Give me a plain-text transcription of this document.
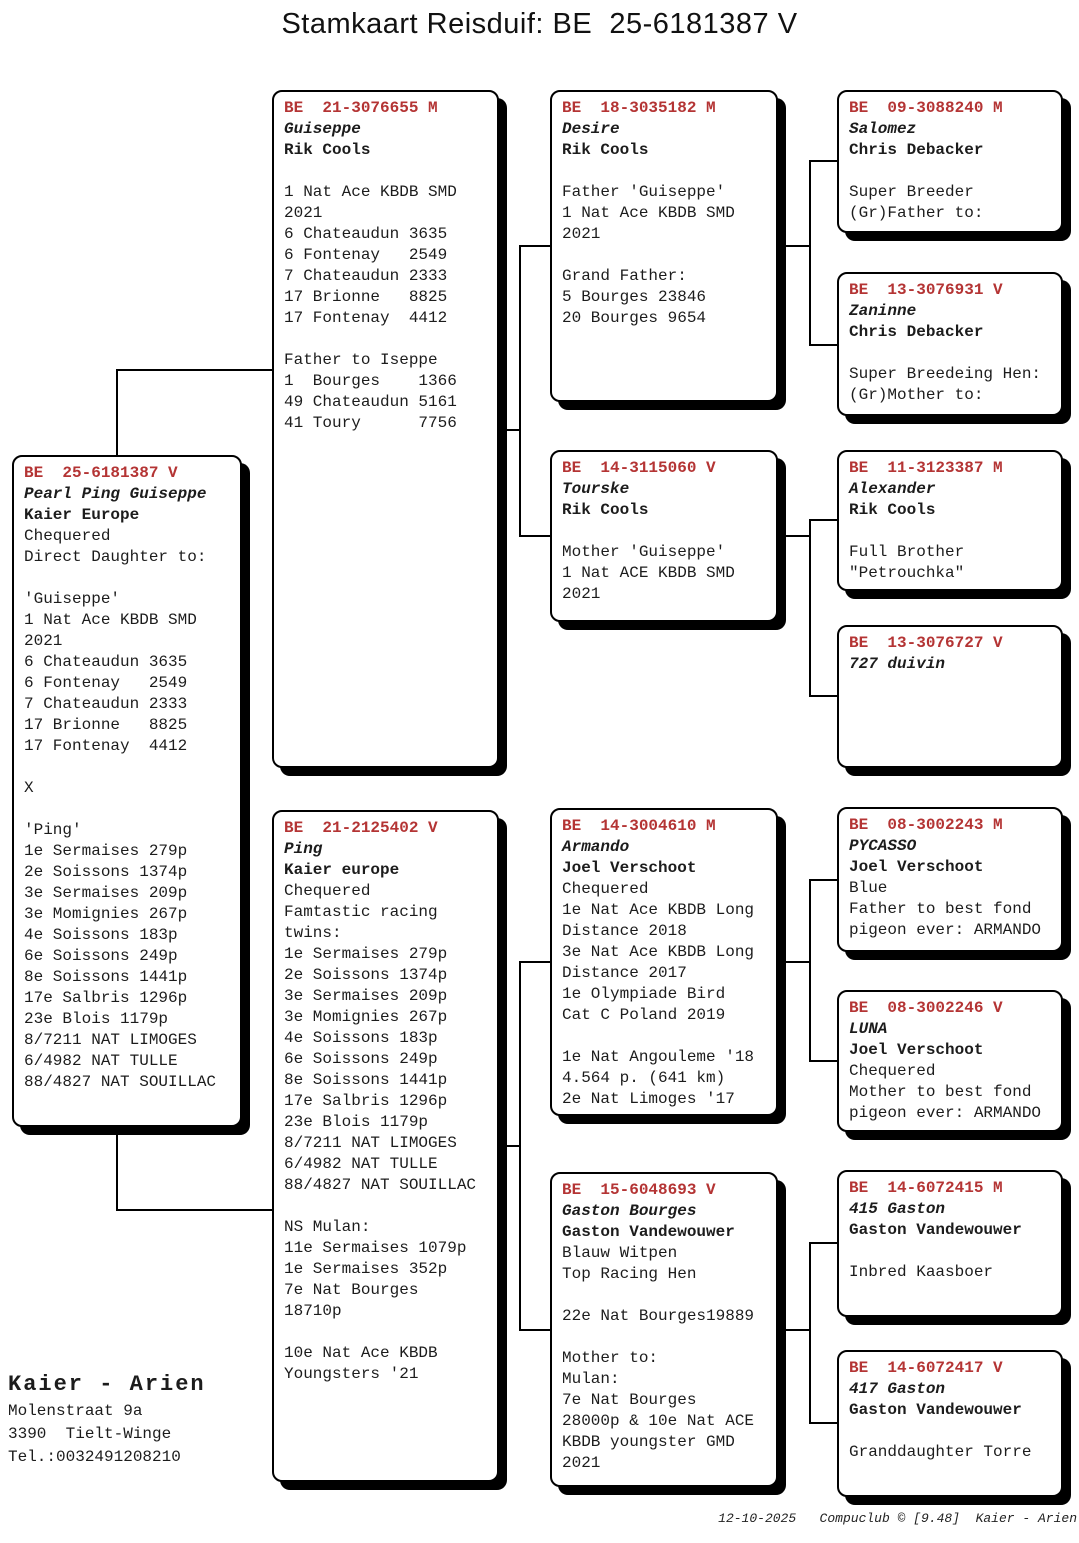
Stamkaart Reisduif: BE  25-6181387 V
BE  25-6181387 V
Pearl Ping Guiseppe
Kaier Europe
Chequered
Direct Daughter to:

'Guiseppe'
1 Nat Ace KBDB SMD
2021
6 Chateaudun 3635
6 Fontenay   2549
7 Chateaudun 2333
17 Brionne   8825
17 Fontenay  4412

X

'Ping'
1e Sermaises 279p
2e Soissons 1374p
3e Sermaises 209p
3e Momignies 267p
4e Soissons 183p
6e Soissons 249p
8e Soissons 1441p
17e Salbris 1296p
23e Blois 1179p
8/7211 NAT LIMOGES
6/4982 NAT TULLE
88/4827 NAT SOUILLAC
BE  21-3076655 M
Guiseppe
Rik Cools

1 Nat Ace KBDB SMD
2021
6 Chateaudun 3635
6 Fontenay   2549
7 Chateaudun 2333
17 Brionne   8825
17 Fontenay  4412

Father to Iseppe
1  Bourges    1366
49 Chateaudun 5161
41 Toury      7756
BE  21-2125402 V
Ping
Kaier europe
Chequered
Famtastic racing
twins:
1e Sermaises 279p
2e Soissons 1374p
3e Sermaises 209p
3e Momignies 267p
4e Soissons 183p
6e Soissons 249p
8e Soissons 1441p
17e Salbris 1296p
23e Blois 1179p
8/7211 NAT LIMOGES
6/4982 NAT TULLE
88/4827 NAT SOUILLAC

NS Mulan:
11e Sermaises 1079p
1e Sermaises 352p
7e Nat Bourges
18710p

10e Nat Ace KBDB
Youngsters '21
BE  18-3035182 M
Desire
Rik Cools

Father 'Guiseppe'
1 Nat Ace KBDB SMD
2021

Grand Father:
5 Bourges 23846
20 Bourges 9654
BE  14-3115060 V
Tourske
Rik Cools

Mother 'Guiseppe'
1 Nat ACE KBDB SMD
2021
BE  14-3004610 M
Armando
Joel Verschoot
Chequered
1e Nat Ace KBDB Long
Distance 2018
3e Nat Ace KBDB Long
Distance 2017
1e Olympiade Bird
Cat C Poland 2019

1e Nat Angouleme '18
4.564 p. (641 km)
2e Nat Limoges '17
BE  15-6048693 V
Gaston Bourges
Gaston Vandewouwer
Blauw Witpen
Top Racing Hen

22e Nat Bourges19889

Mother to:
Mulan:
7e Nat Bourges
28000p & 10e Nat ACE
KBDB youngster GMD
2021
BE  09-3088240 M
Salomez
Chris Debacker

Super Breeder
(Gr)Father to:
BE  13-3076931 V
Zaninne
Chris Debacker

Super Breedeing Hen:
(Gr)Mother to:
BE  11-3123387 M
Alexander
Rik Cools

Full Brother
"Petrouchka"
BE  13-3076727 V
727 duivin
BE  08-3002243 M
PYCASSO
Joel Verschoot
Blue
Father to best fond
pigeon ever: ARMANDO
BE  08-3002246 V
LUNA
Joel Verschoot
Chequered
Mother to best fond
pigeon ever: ARMANDO
BE  14-6072415 M
415 Gaston
Gaston Vandewouwer

Inbred Kaasboer
BE  14-6072417 V
417 Gaston
Gaston Vandewouwer

Granddaughter Torre
Kaier - Arien
Molenstraat 9a
3390  Tielt-Winge
Tel.:0032491208210
12-10-2025   Compuclub © [9.48]  Kaier - Arien
